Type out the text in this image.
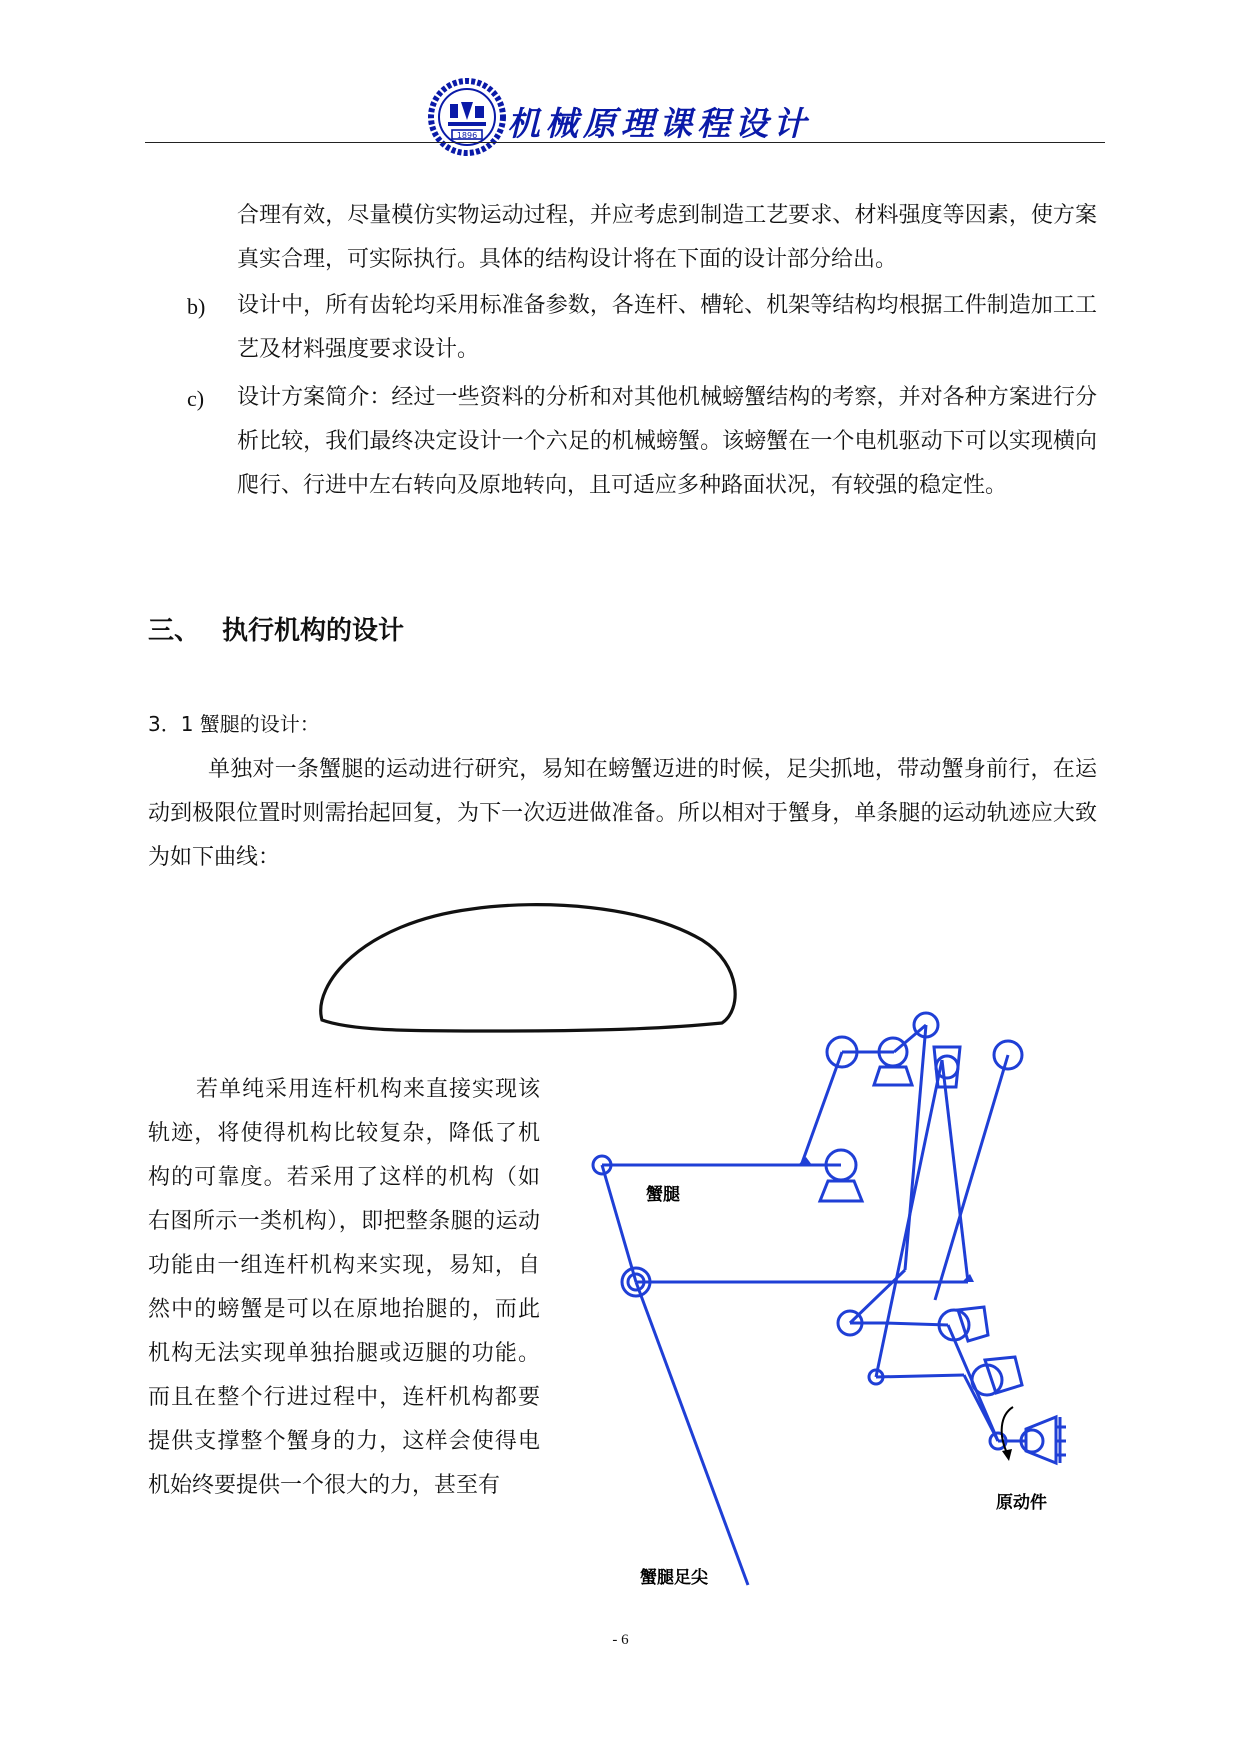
1896 机械原理课程设计

合理有效，尽量模仿实物运动过程，并应考虑到制造工艺要求、材料强度等因素，使方案真实合理，可实际执行。具体的结构设计将在下面的设计部分给出。

b) 设计中，所有齿轮均采用标准备参数，各连杆、槽轮、机架等结构均根据工件制造加工工艺及材料强度要求设计。

c) 设计方案简介：经过一些资料的分析和对其他机械螃蟹结构的考察，并对各种方案进行分析比较，我们最终决定设计一个六足的机械螃蟹。该螃蟹在一个电机驱动下可以实现横向爬行、行进中左右转向及原地转向，且可适应多种路面状况，有较强的稳定性。

三、 执行机构的设计
3．1 蟹腿的设计：

单独对一条蟹腿的运动进行研究，易知在螃蟹迈进的时候，足尖抓地，带动蟹身前行，在运动到极限位置时则需抬起回复，为下一次迈进做准备。所以相对于蟹身，单条腿的运动轨迹应大致为如下曲线：

若单纯采用连杆机构来直接实现该轨迹，将使得机构比较复杂，降低了机构的可靠度。若采用了这样的机构（如右图所示一类机构），即把整条腿的运动功能由一组连杆机构来实现，易知，自然中的螃蟹是可以在原地抬腿的，而此机构无法实现单独抬腿或迈腿的功能。而且在整个行进过程中，连杆机构都要提供支撑整个蟹身的力，这样会使得电机始终要提供一个很大的力，甚至有

蟹腿
原动件
蟹腿足尖
- 6
